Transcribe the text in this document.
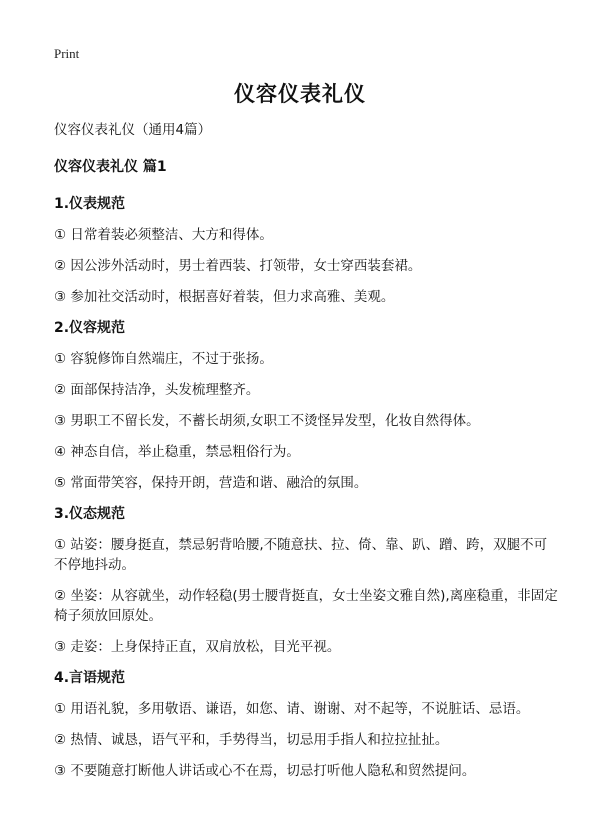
Print
仪容仪表礼仪

仪容仪表礼仪（通用4篇）

仪容仪表礼仪 篇1

1.仪表规范

① 日常着装必须整洁、大方和得体。

② 因公涉外活动时，男士着西装、打领带，女士穿西装套裙。

③ 参加社交活动时，根据喜好着装，但力求高雅、美观。

2.仪容规范

① 容貌修饰自然端庄，不过于张扬。

② 面部保持洁净，头发梳理整齐。

③ 男职工不留长发，不蓄长胡须,女职工不烫怪异发型，化妆自然得体。

④ 神态自信，举止稳重，禁忌粗俗行为。

⑤ 常面带笑容，保持开朗，营造和谐、融洽的氛围。

3.仪态规范

① 站姿：腰身挺直，禁忌躬背哈腰,不随意扶、拉、倚、靠、趴、蹭、跨，双腿不可不停地抖动。

② 坐姿：从容就坐，动作轻稳(男士腰背挺直，女士坐姿文雅自然),离座稳重，非固定椅子须放回原处。

③ 走姿：上身保持正直，双肩放松，目光平视。

4.言语规范

① 用语礼貌，多用敬语、谦语，如您、请、谢谢、对不起等，不说脏话、忌语。

② 热情、诚恳，语气平和，手势得当，切忌用手指人和拉拉扯扯。

③ 不要随意打断他人讲话或心不在焉，切忌打听他人隐私和贸然提问。
